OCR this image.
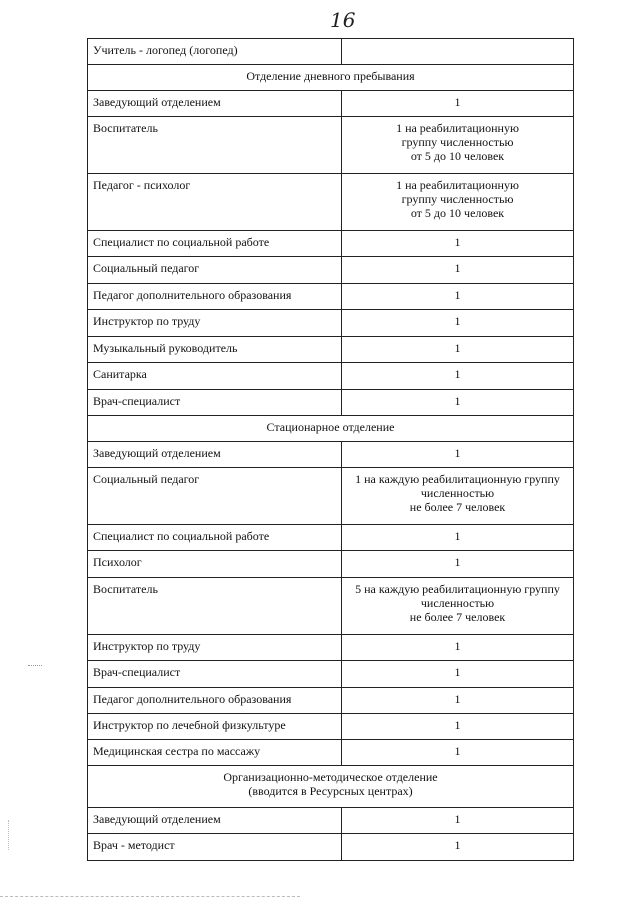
16
Учитель - логопед (логопед)	

Отделение дневного пребывания	

Заведующий отделением	1

Воспитатель	1 на реабилитационную
группу численностью
от 5 до 10 человек

Педагог - психолог	1 на реабилитационную
группу численностью
от 5 до 10 человек

Специалист по социальной работе	1

Социальный педагог	1

Педагог дополнительного образования	1

Инструктор по труду	1

Музыкальный руководитель	1

Санитарка	1

Врач-специалист	1

Стационарное отделение	

Заведующий отделением	1

Социальный педагог	1 на каждую реабилитационную группу
численностью
не более 7 человек

Специалист по социальной работе	1

Психолог	1

Воспитатель	5 на каждую реабилитационную группу
численностью
не более 7 человек

Инструктор по труду	1

Врач-специалист	1

Педагог дополнительного образования	1

Инструктор по лечебной физкультуре	1

Медицинская сестра по массажу	1

Организационно-методическое отделение
(вводится в Ресурсных центрах)	

Заведующий отделением	1

Врач - методист	1
